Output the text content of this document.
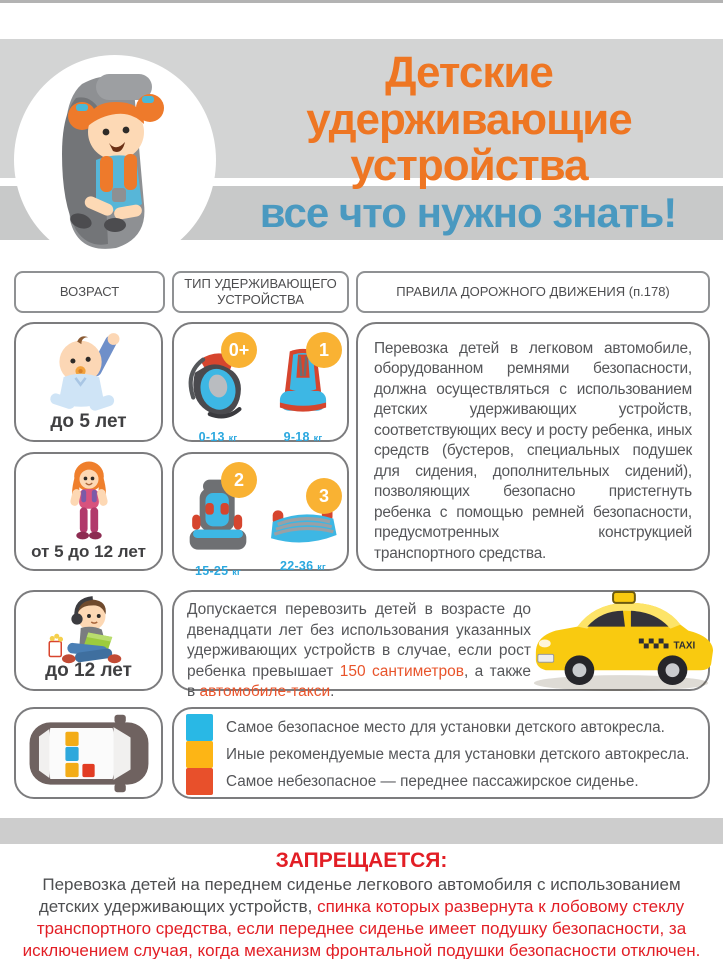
Детские удерживающие
устройства
все что нужно знать!
ВОЗРАСТ
ТИП УДЕРЖИВАЮЩЕГО УСТРОЙСТВА
ПРАВИЛА ДОРОЖНОГО ДВИЖЕНИЯ (п.178)
до 5 лет
0+
0-13 кг
1
9-18 кг

Перевозка детей в легковом автомобиле, оборудованном ремнями безопасности, должна осуществляться с использованием детских удерживающих устройств, соответствующих весу и росту ребенка, иных средств (бустеров, специальных подушек для сидения, дополнительных сидений), позволяющих безопасно пристегнуть ребенка с помощью ремней безопасности, предусмотренных конструкцией транспортного средства.

от 5 до 12 лет
2
15-25 кг
3
22-36 кг
до 12 лет

Допускается перевозить детей в возрасте до двенадцати лет без использования указанных удерживающих устройств в случае, если рост ребенка превышает 150 сантиметров, а также в автомобиле-такси.

TAXI
Самое безопасное место для установки детского автокресла.
Иные рекомендуемые места для установки детского автокресла.
Самое небезопасное — переднее пассажирское сиденье.
ЗАПРЕЩАЕТСЯ:

Перевозка детей на переднем сиденье легкового автомобиля с использованием детских удерживающих устройств, спинка которых развернута к лобовому стеклу транспортного средства, если переднее сиденье имеет подушку безопасности, за исключением случая, когда механизм фронтальной подушки безопасности отключен.
